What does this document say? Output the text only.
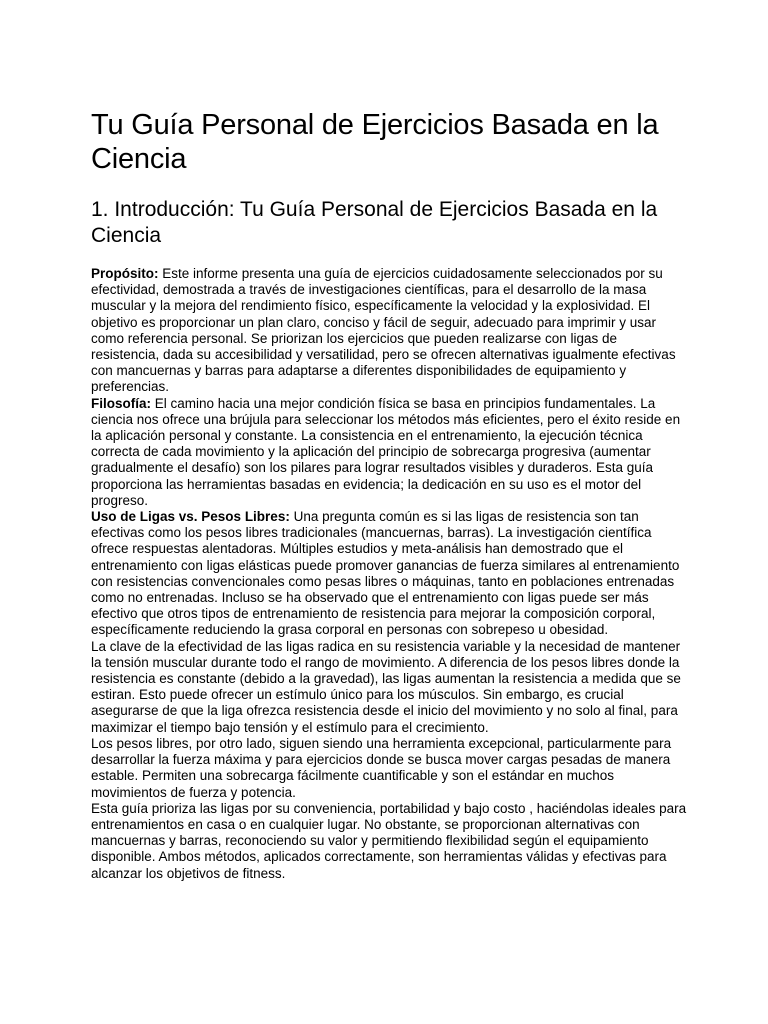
Tu Guía Personal de Ejercicios Basada en la Ciencia
1. Introducción: Tu Guía Personal de Ejercicios Basada en la Ciencia

Propósito: Este informe presenta una guía de ejercicios cuidadosamente seleccionados por su efectividad, demostrada a través de investigaciones científicas, para el desarrollo de la masa muscular y la mejora del rendimiento físico, específicamente la velocidad y la explosividad. El objetivo es proporcionar un plan claro, conciso y fácil de seguir, adecuado para imprimir y usar como referencia personal. Se priorizan los ejercicios que pueden realizarse con ligas de resistencia, dada su accesibilidad y versatilidad, pero se ofrecen alternativas igualmente efectivas con mancuernas y barras para adaptarse a diferentes disponibilidades de equipamiento y preferencias.

Filosofía: El camino hacia una mejor condición física se basa en principios fundamentales. La ciencia nos ofrece una brújula para seleccionar los métodos más eficientes, pero el éxito reside en la aplicación personal y constante. La consistencia en el entrenamiento, la ejecución técnica correcta de cada movimiento y la aplicación del principio de sobrecarga progresiva (aumentar gradualmente el desafío) son los pilares para lograr resultados visibles y duraderos. Esta guía proporciona las herramientas basadas en evidencia; la dedicación en su uso es el motor del progreso.

Uso de Ligas vs. Pesos Libres: Una pregunta común es si las ligas de resistencia son tan efectivas como los pesos libres tradicionales (mancuernas, barras). La investigación científica ofrece respuestas alentadoras. Múltiples estudios y meta-análisis han demostrado que el entrenamiento con ligas elásticas puede promover ganancias de fuerza similares al entrenamiento con resistencias convencionales como pesas libres o máquinas, tanto en poblaciones entrenadas como no entrenadas. Incluso se ha observado que el entrenamiento con ligas puede ser más efectivo que otros tipos de entrenamiento de resistencia para mejorar la composición corporal, específicamente reduciendo la grasa corporal en personas con sobrepeso u obesidad.

La clave de la efectividad de las ligas radica en su resistencia variable y la necesidad de mantener la tensión muscular durante todo el rango de movimiento. A diferencia de los pesos libres donde la resistencia es constante (debido a la gravedad), las ligas aumentan la resistencia a medida que se estiran. Esto puede ofrecer un estímulo único para los músculos. Sin embargo, es crucial asegurarse de que la liga ofrezca resistencia desde el inicio del movimiento y no solo al final, para maximizar el tiempo bajo tensión y el estímulo para el crecimiento.

Los pesos libres, por otro lado, siguen siendo una herramienta excepcional, particularmente para desarrollar la fuerza máxima y para ejercicios donde se busca mover cargas pesadas de manera estable. Permiten una sobrecarga fácilmente cuantificable y son el estándar en muchos movimientos de fuerza y potencia.

Esta guía prioriza las ligas por su conveniencia, portabilidad y bajo costo , haciéndolas ideales para entrenamientos en casa o en cualquier lugar. No obstante, se proporcionan alternativas con mancuernas y barras, reconociendo su valor y permitiendo flexibilidad según el equipamiento disponible. Ambos métodos, aplicados correctamente, son herramientas válidas y efectivas para alcanzar los objetivos de fitness.
